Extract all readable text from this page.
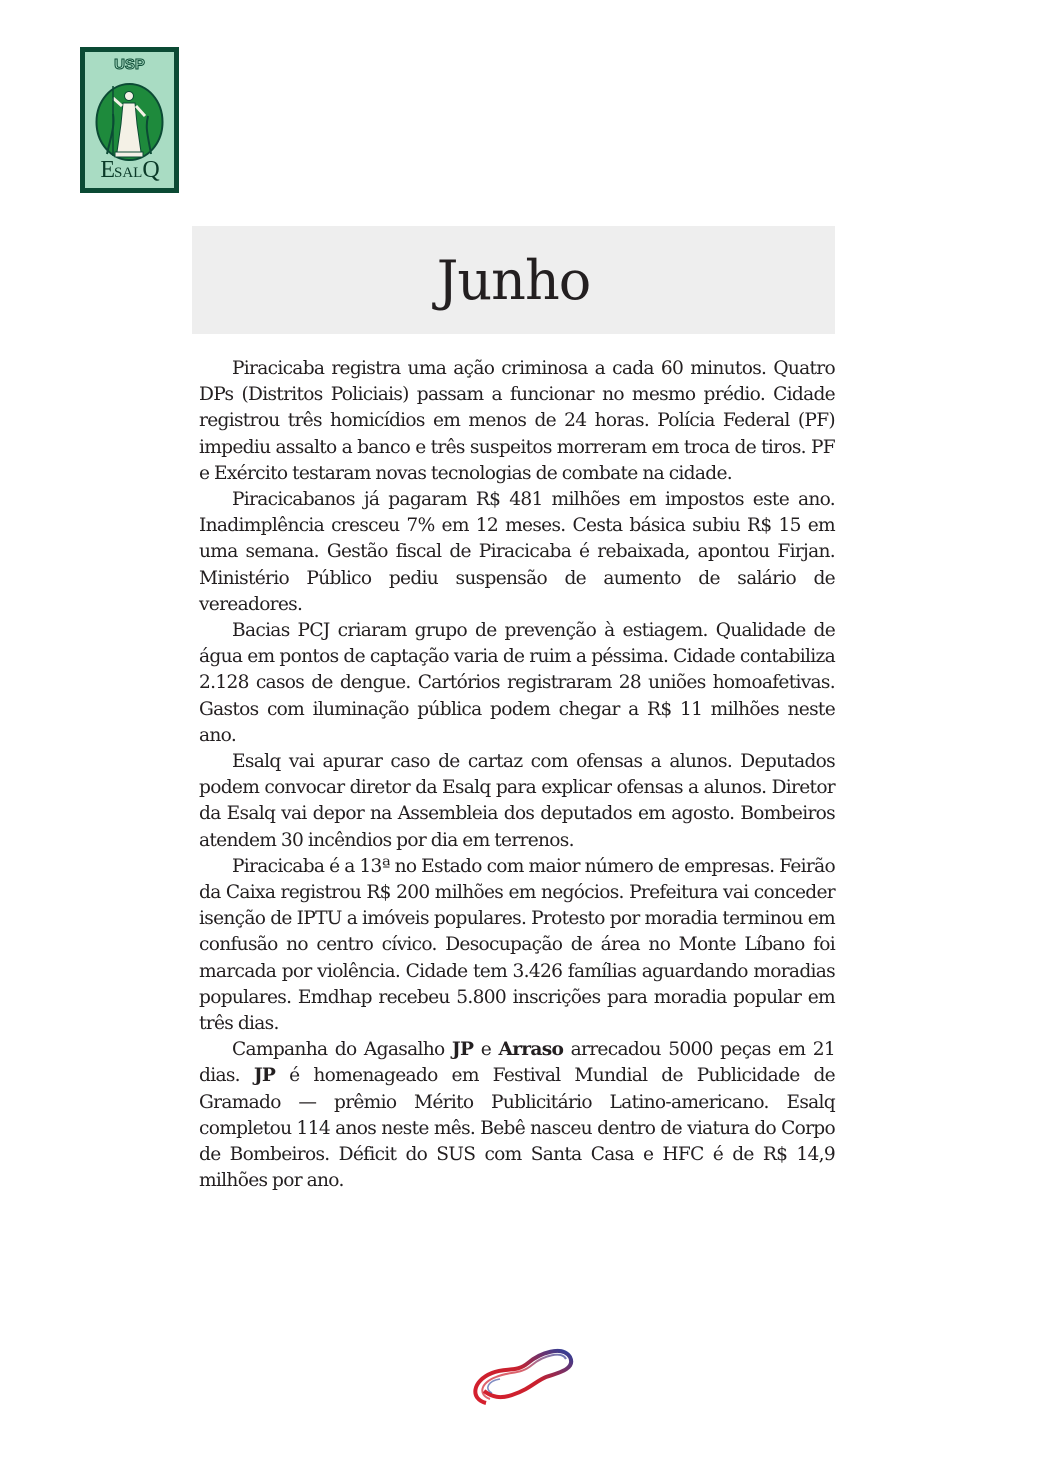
USP
ESALQ
Junho

Piracicaba registra uma ação criminosa a cada 60 minutos. Quatro DPs (Distritos Policiais) passam a funcionar no mesmo prédio. Cidade registrou três homicídios em menos de 24 horas. Polícia Federal (PF) impediu assalto a banco e três suspeitos morreram em troca de tiros. PF e Exército testaram novas tecnologias de combate na cidade.

Piracicabanos já pagaram R$ 481 milhões em impostos este ano. Inadimplência cresceu 7% em 12 meses. Cesta básica subiu R$ 15 em uma semana. Gestão fiscal de Piracicaba é rebaixada, apontou Firjan. Ministério Público pediu suspensão de aumento de salário de vereadores.

Bacias PCJ criaram grupo de prevenção à estiagem. Qualidade de água em pontos de captação varia de ruim a péssima. Cidade contabiliza 2.128 casos de dengue. Cartórios registraram 28 uniões homoafetivas. Gastos com iluminação pública podem chegar a R$ 11 milhões neste ano.

Esalq vai apurar caso de cartaz com ofensas a alunos. Deputados podem convocar diretor da Esalq para explicar ofensas a alunos. Diretor da Esalq vai depor na Assembleia dos deputados em agosto. Bombeiros atendem 30 incêndios por dia em terrenos.

Piracicaba é a 13ª no Estado com maior número de empresas. Feirão da Caixa registrou R$ 200 milhões em negócios. Prefeitura vai conceder isenção de IPTU a imóveis populares. Protesto por moradia terminou em confusão no centro cívico. Desocupação de área no Monte Líbano foi marcada por violência. Cidade tem 3.426 famílias aguardando moradias populares. Emdhap recebeu 5.800 inscrições para moradia popular em três dias.

Campanha do Agasalho JP e Arraso arrecadou 5000 peças em 21 dias. JP é homenageado em Festival Mundial de Publicidade de Gramado — prêmio Mérito Publicitário Latino-americano. Esalq completou 114 anos neste mês. Bebê nasceu dentro de viatura do Corpo de Bombeiros. Déficit do SUS com Santa Casa e HFC é de R$ 14,9 milhões por ano.
